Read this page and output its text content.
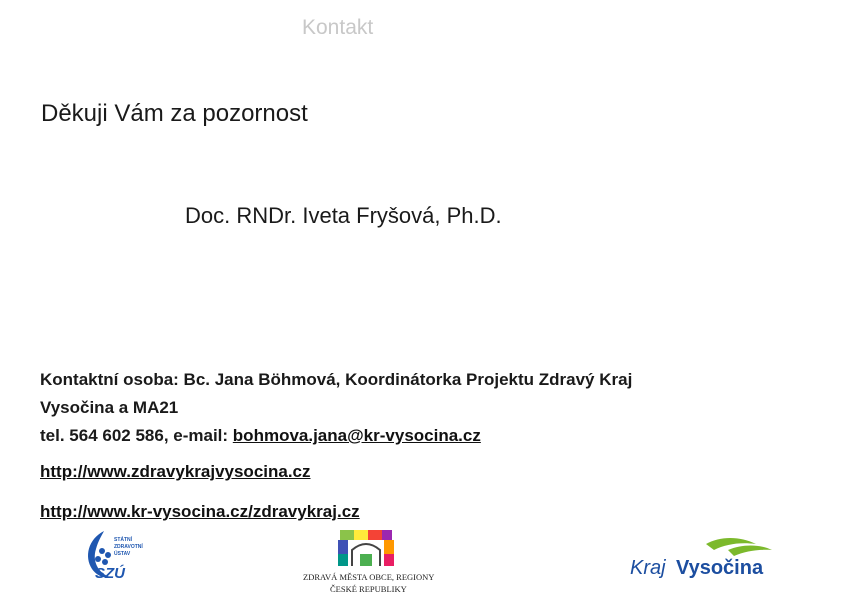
Kontakt
Děkuji Vám za pozornost
Doc. RNDr. Iveta Fryšová, Ph.D.
Kontaktní osoba: Bc. Jana Böhmová, Koordinátorka Projektu Zdravý Kraj
Vysočina a MA21
tel. 564 602 586, e-mail: bohmova.jana@kr-vysocina.cz
http://www.zdravykrajvysocina.cz
http://www.kr-vysocina.cz/zdravykraj.cz
STÁTNÍ
ZDRAVOTNÍ
ÚSTAV
SZÚ	ZDRAVÁ MĚSTA OBCE, REGIONY
ČESKÉ REPUBLIKY
Kraj Vysočina
